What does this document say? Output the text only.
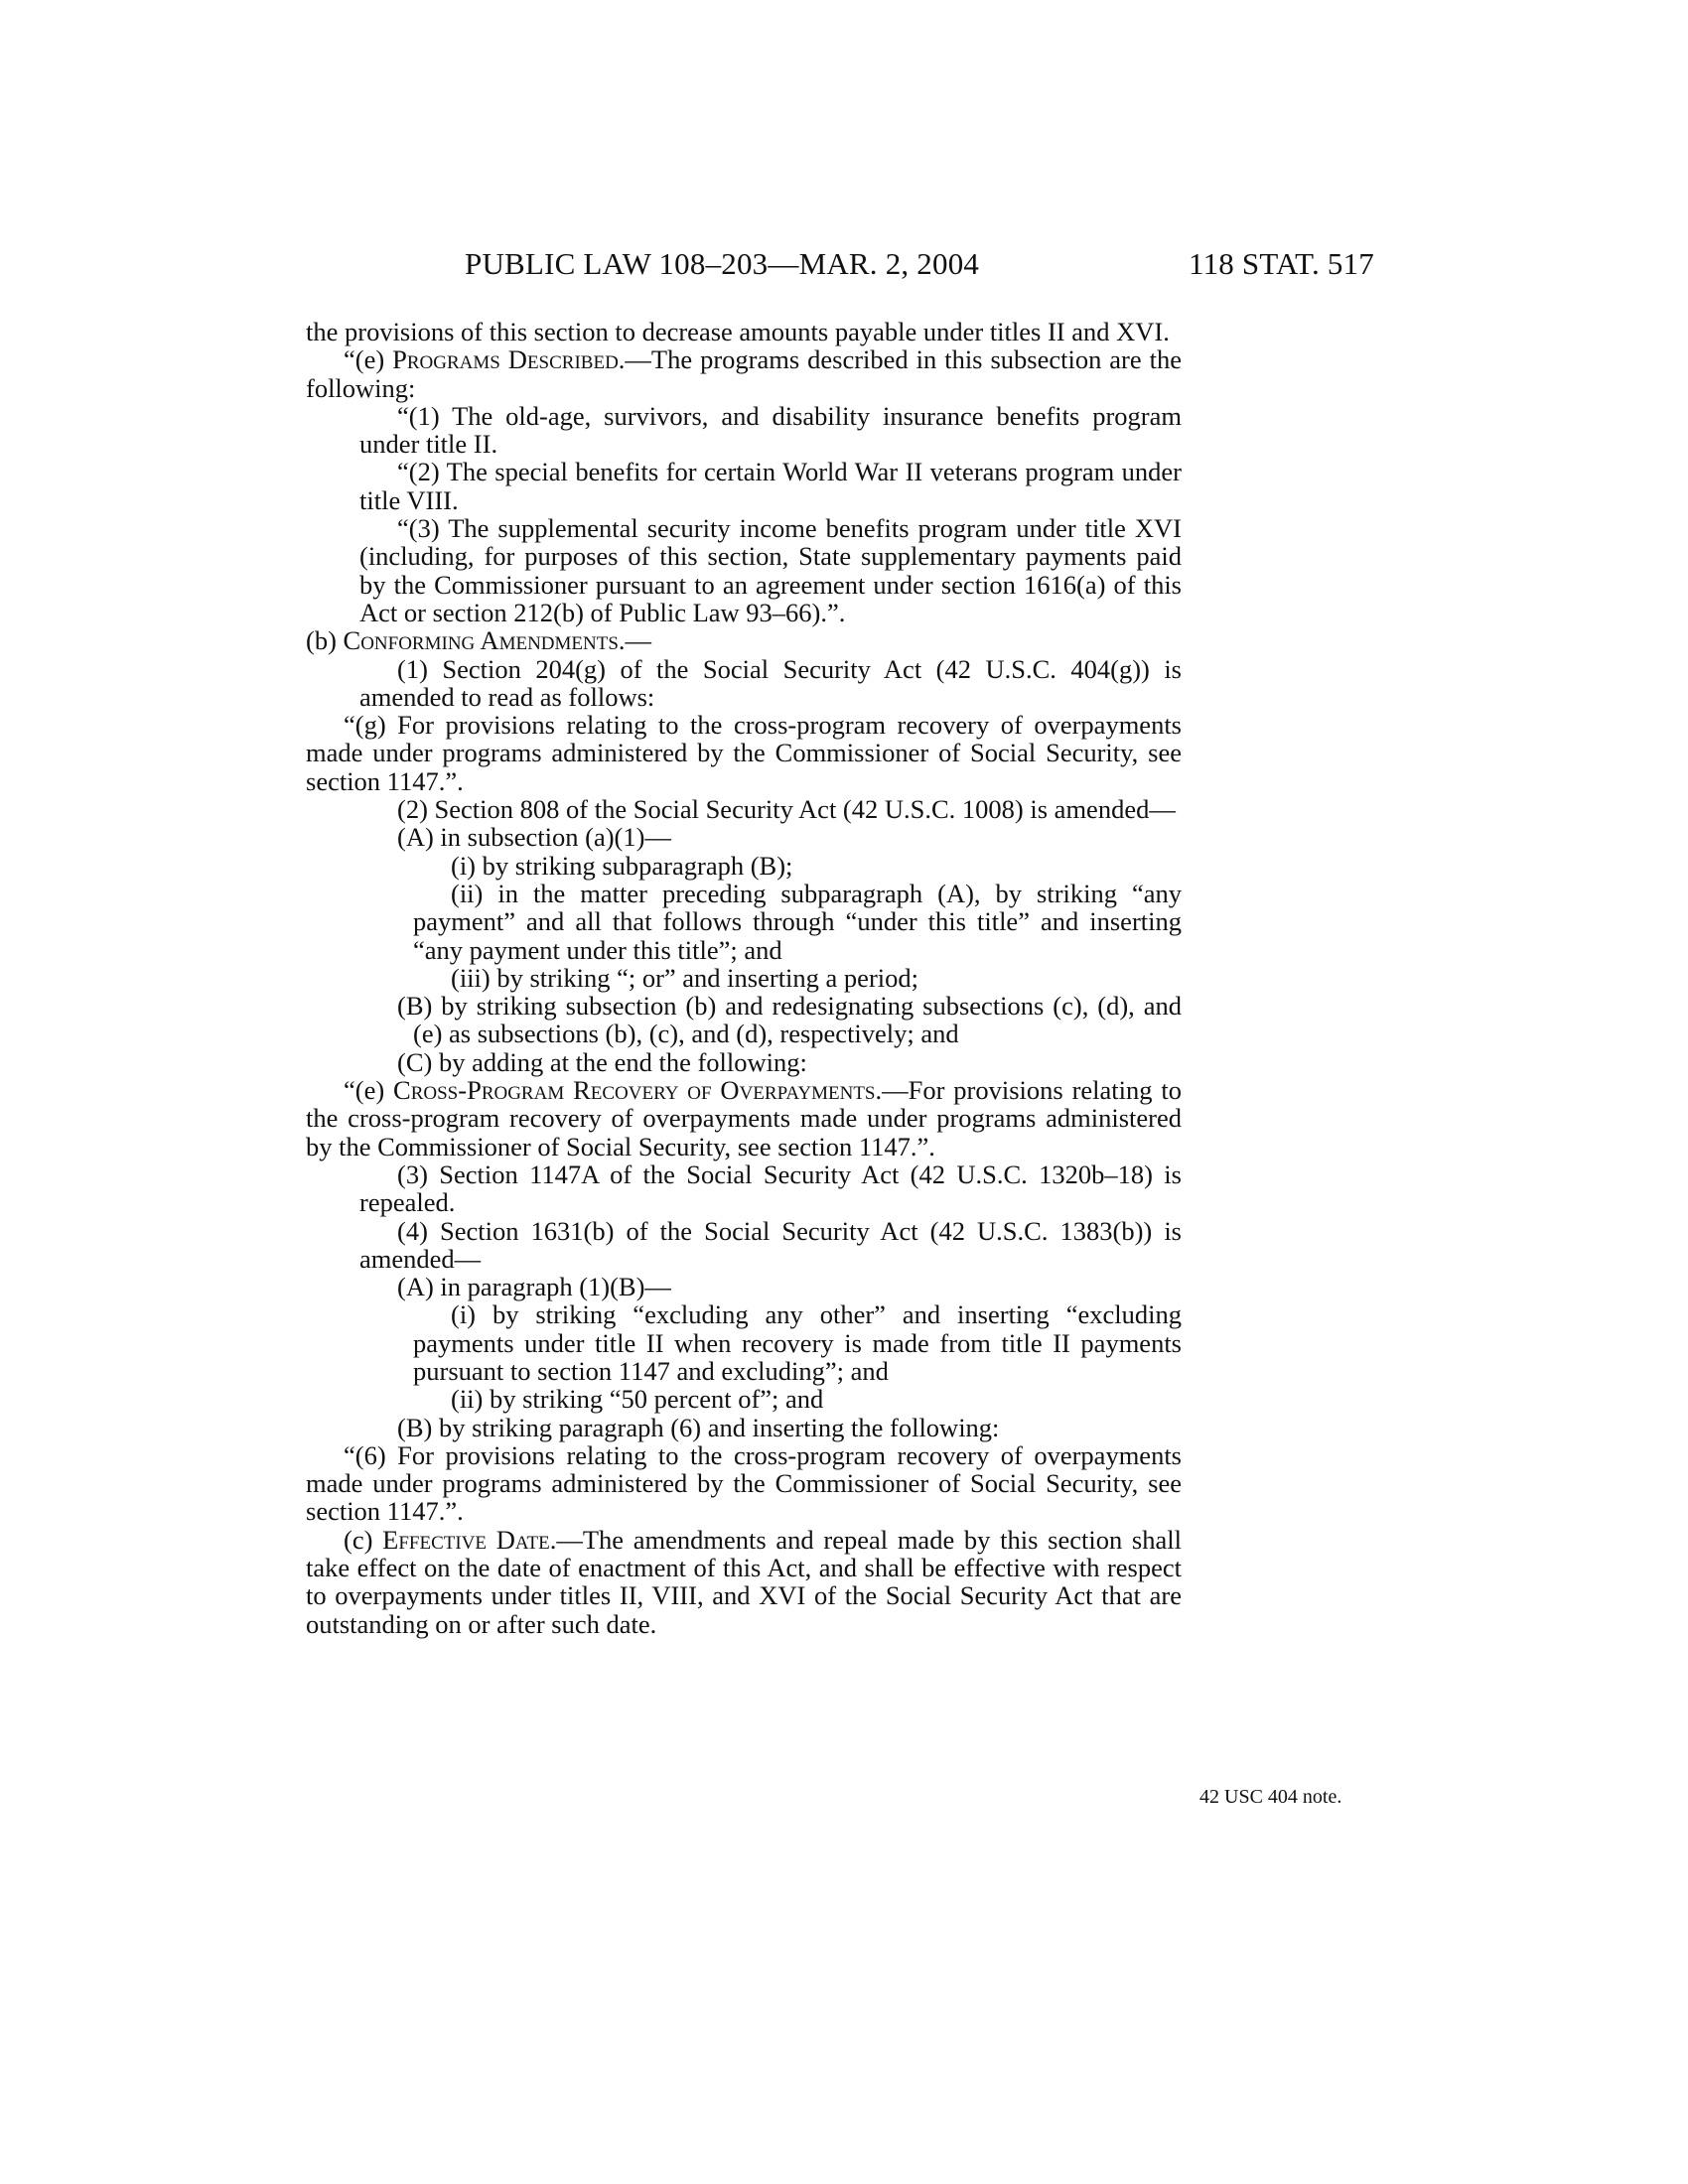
PUBLIC LAW 108–203—MAR. 2, 2004	118 STAT. 517

the provisions of this section to decrease amounts payable under titles II and XVI.

“(e) Programs Described.—The programs described in this subsection are the following:

“(1) The old-age, survivors, and disability insurance benefits program under title II.

“(2) The special benefits for certain World War II veterans program under title VIII.

“(3) The supplemental security income benefits program under title XVI (including, for purposes of this section, State supplementary payments paid by the Commissioner pursuant to an agreement under section 1616(a) of this Act or section 212(b) of Public Law 93–66).”.

(b) Conforming Amendments.—

(1) Section 204(g) of the Social Security Act (42 U.S.C. 404(g)) is amended to read as follows:

“(g) For provisions relating to the cross-program recovery of overpayments made under programs administered by the Commissioner of Social Security, see section 1147.”.

(2) Section 808 of the Social Security Act (42 U.S.C. 1008) is amended—

(A) in subsection (a)(1)—

(i) by striking subparagraph (B);

(ii) in the matter preceding subparagraph (A), by striking “any payment” and all that follows through “under this title” and inserting “any payment under this title”; and

(iii) by striking “; or” and inserting a period;

(B) by striking subsection (b) and redesignating subsections (c), (d), and (e) as subsections (b), (c), and (d), respectively; and

(C) by adding at the end the following:

“(e) Cross-Program Recovery of Overpayments.—For provisions relating to the cross-program recovery of overpayments made under programs administered by the Commissioner of Social Security, see section 1147.”.

(3) Section 1147A of the Social Security Act (42 U.S.C. 1320b–18) is repealed.

(4) Section 1631(b) of the Social Security Act (42 U.S.C. 1383(b)) is amended—

(A) in paragraph (1)(B)—

(i) by striking “excluding any other” and inserting “excluding payments under title II when recovery is made from title II payments pursuant to section 1147 and excluding”; and

(ii) by striking “50 percent of”; and

(B) by striking paragraph (6) and inserting the following:

“(6) For provisions relating to the cross-program recovery of overpayments made under programs administered by the Commissioner of Social Security, see section 1147.”.

(c) Effective Date.—The amendments and repeal made by this section shall take effect on the date of enactment of this Act, and shall be effective with respect to overpayments under titles II, VIII, and XVI of the Social Security Act that are outstanding on or after such date.

42 USC 404 note.
